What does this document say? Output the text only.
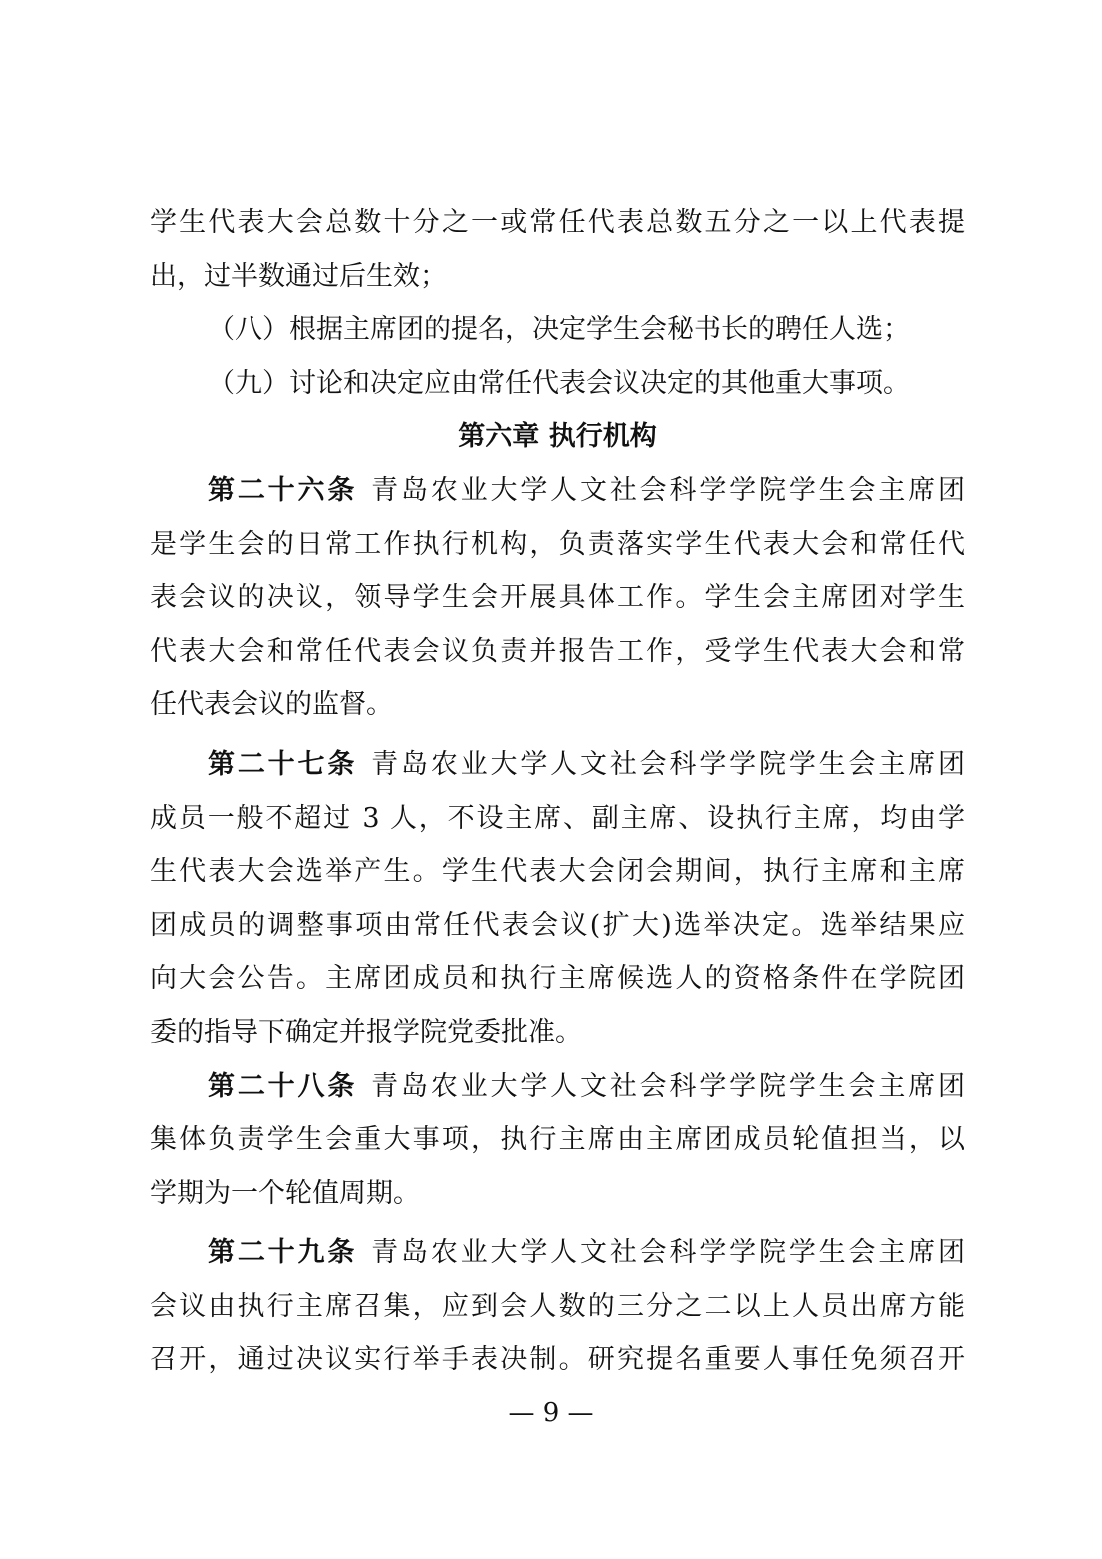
学生代表大会总数十分之一或常任代表总数五分之一以上代表提
出，过半数通过后生效；
（八）根据主席团的提名，决定学生会秘书长的聘任人选；
（九）讨论和决定应由常任代表会议决定的其他重大事项。
第六章 执行机构
第二十六条 青岛农业大学人文社会科学学院学生会主席团
是学生会的日常工作执行机构，负责落实学生代表大会和常任代
表会议的决议，领导学生会开展具体工作。学生会主席团对学生
代表大会和常任代表会议负责并报告工作，受学生代表大会和常
任代表会议的监督。
第二十七条 青岛农业大学人文社会科学学院学生会主席团
成员一般不超过 3 人，不设主席、副主席、设执行主席，均由学
生代表大会选举产生。学生代表大会闭会期间，执行主席和主席
团成员的调整事项由常任代表会议(扩大)选举决定。选举结果应
向大会公告。主席团成员和执行主席候选人的资格条件在学院团
委的指导下确定并报学院党委批准。
第二十八条 青岛农业大学人文社会科学学院学生会主席团
集体负责学生会重大事项，执行主席由主席团成员轮值担当，以
学期为一个轮值周期。
第二十九条 青岛农业大学人文社会科学学院学生会主席团
会议由执行主席召集，应到会人数的三分之二以上人员出席方能
召开，通过决议实行举手表决制。研究提名重要人事任免须召开
— 9 —
